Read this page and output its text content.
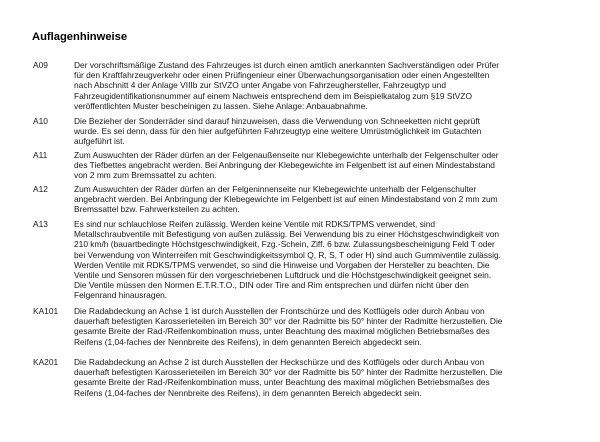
Auflagenhinweise
A09	Der vorschriftsmäßige Zustand des Fahrzeuges ist durch einen amtlich anerkannten Sachverständigen oder Prüfer
für den Kraftfahrzeugverkehr oder einen Prüfingenieur einer Überwachungsorganisation oder einen Angestellten
nach Abschnitt 4 der Anlage VIIIb zur StVZO unter Angabe von Fahrzeughersteller, Fahrzeugtyp und
Fahrzeugidentifikationsnummer auf einem Nachweis entsprechend dem im Beispielkatalog zum §19 StVZO
veröffentlichten Muster bescheinigen zu lassen. Siehe Anlage: Anbauabnahme.
A10	Die Bezieher der Sonderräder sind darauf hinzuweisen, dass die Verwendung von Schneeketten nicht geprüft
wurde. Es sei denn, dass für den hier aufgeführten Fahrzeugtyp eine weitere Umrüstmöglichkeit im Gutachten
aufgeführt ist.
A11	Zum Auswuchten der Räder dürfen an der Felgenaußenseite nur Klebegewichte unterhalb der Felgenschulter oder
des Tiefbettes angebracht werden. Bei Anbringung der Klebegewichte im Felgenbett ist auf einen Mindestabstand
von 2 mm zum Bremssattel zu achten.
A12	Zum Auswuchten der Räder dürfen an der Felgeninnenseite nur Klebegewichte unterhalb der Felgenschulter
angebracht werden. Bei Anbringung der Klebegewichte im Felgenbett ist auf einen Mindestabstand von 2 mm zum
Bremssattel bzw. Fahrwerksteilen zu achten.
A13	Es sind nur schlauchlose Reifen zulässig. Werden keine Ventile mit RDKS/TPMS verwendet, sind
Metallschraubventile mit Befestigung von außen zulässig. Bei Verwendung bis zu einer Höchstgeschwindigkeit von
210 km/h (bauartbedingte Höchstgeschwindigkeit, Fzg.-Schein, Ziff. 6 bzw. Zulassungsbescheinigung Feld T oder
bei Verwendung von Winterreifen mit Geschwindigkeitssymbol Q, R, S, T oder H) sind auch Gummiventile zulässig.
Werden Ventile mit RDKS/TPMS verwendet, so sind die Hinweise und Vorgaben der Hersteller zu beachten. Die
Ventile und Sensoren müssen für den vorgeschriebenen Luftdruck und die Höchstgeschwindigkeit geeignet sein.
Die Ventile müssen den Normen E.T.R.T.O., DIN oder Tire and Rim entsprechen und dürfen nicht über den
Felgenrand hinausragen.
KA101 Die Radabdeckung an Achse 1 ist durch Ausstellen der Frontschürze und des Kotflügels oder durch Anbau von
dauerhaft befestigten Karosserieteilen im Bereich 30° vor der Radmitte bis 50° hinter der Radmitte herzustellen. Die
gesamte Breite der Rad-/Reifenkombination muss, unter Beachtung des maximal möglichen Betriebsmaßes des
Reifens (1,04-faches der Nennbreite des Reifens), in dem genannten Bereich abgedeckt sein.
KA201 Die Radabdeckung an Achse 2 ist durch Ausstellen der Heckschürze und des Kotflügels oder durch Anbau von
dauerhaft befestigten Karosserieteilen im Bereich 30° vor der Radmitte bis 50° hinter der Radmitte herzustellen. Die
gesamte Breite der Rad-/Reifenkombination muss, unter Beachtung des maximal möglichen Betriebsmaßes des
Reifens (1,04-faches der Nennbreite des Reifens), in dem genannten Bereich abgedeckt sein.
